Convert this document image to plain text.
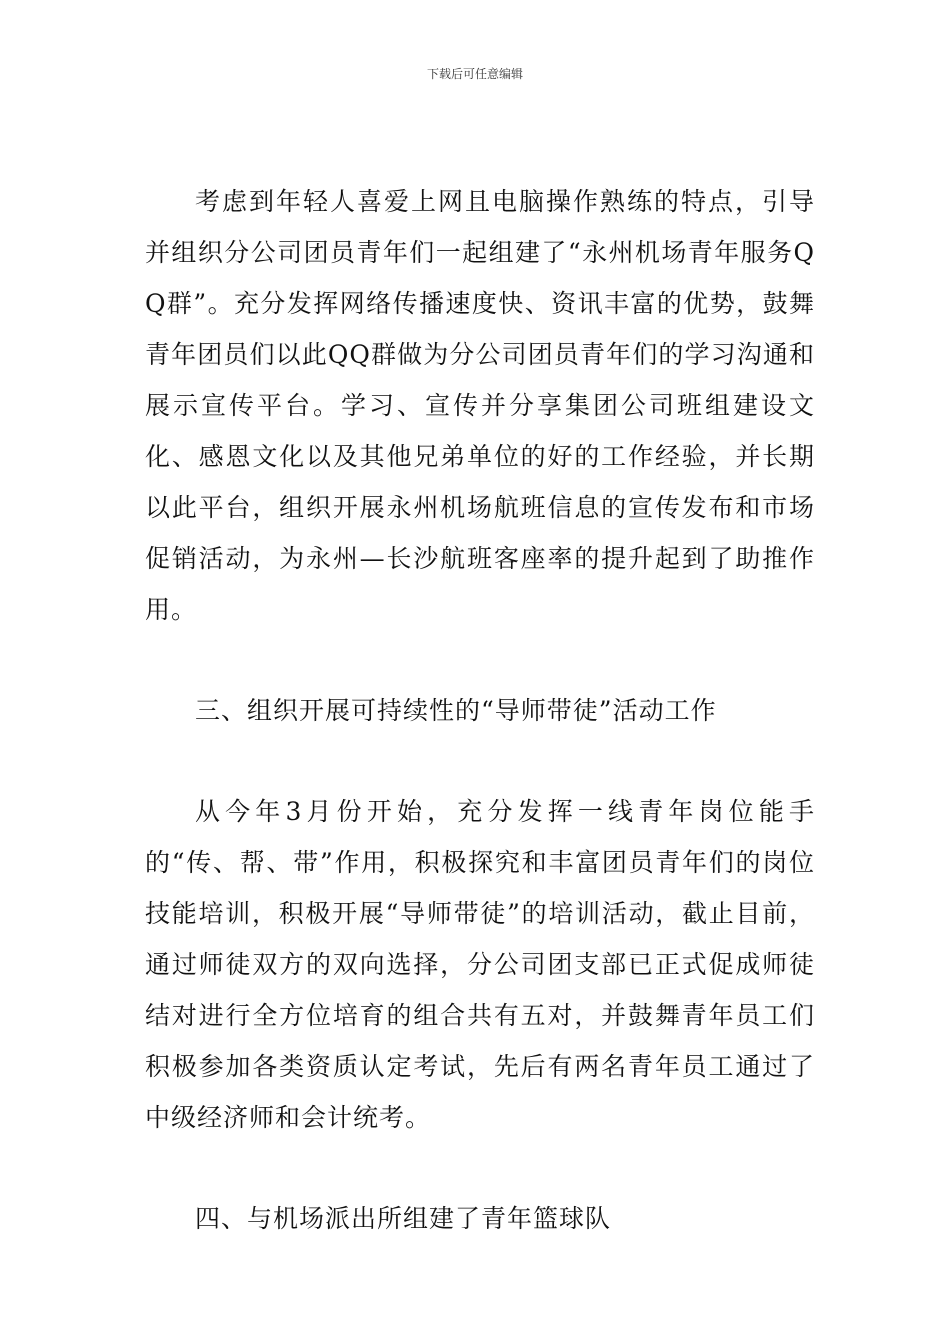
下载后可任意编辑

考虑到年轻人喜爱上网且电脑操作熟练的特点，引导并组织分公司团员青年们一起组建了“永州机场青年服务QQ群”。充分发挥网络传播速度快、资讯丰富的优势，鼓舞青年团员们以此QQ群做为分公司团员青年们的学习沟通和展示宣传平台。学习、宣传并分享集团公司班组建设文化、感恩文化以及其他兄弟单位的好的工作经验，并长期以此平台，组织开展永州机场航班信息的宣传发布和市场促销活动，为永州—长沙航班客座率的提升起到了助推作用。

三、组织开展可持续性的“导师带徒”活动工作

从今年3月份开始，充分发挥一线青年岗位能手的“传、帮、带”作用，积极探究和丰富团员青年们的岗位技能培训，积极开展“导师带徒”的培训活动，截止目前，通过师徒双方的双向选择，分公司团支部已正式促成师徒结对进行全方位培育的组合共有五对，并鼓舞青年员工们积极参加各类资质认定考试，先后有两名青年员工通过了中级经济师和会计统考。

四、与机场派出所组建了青年篮球队
